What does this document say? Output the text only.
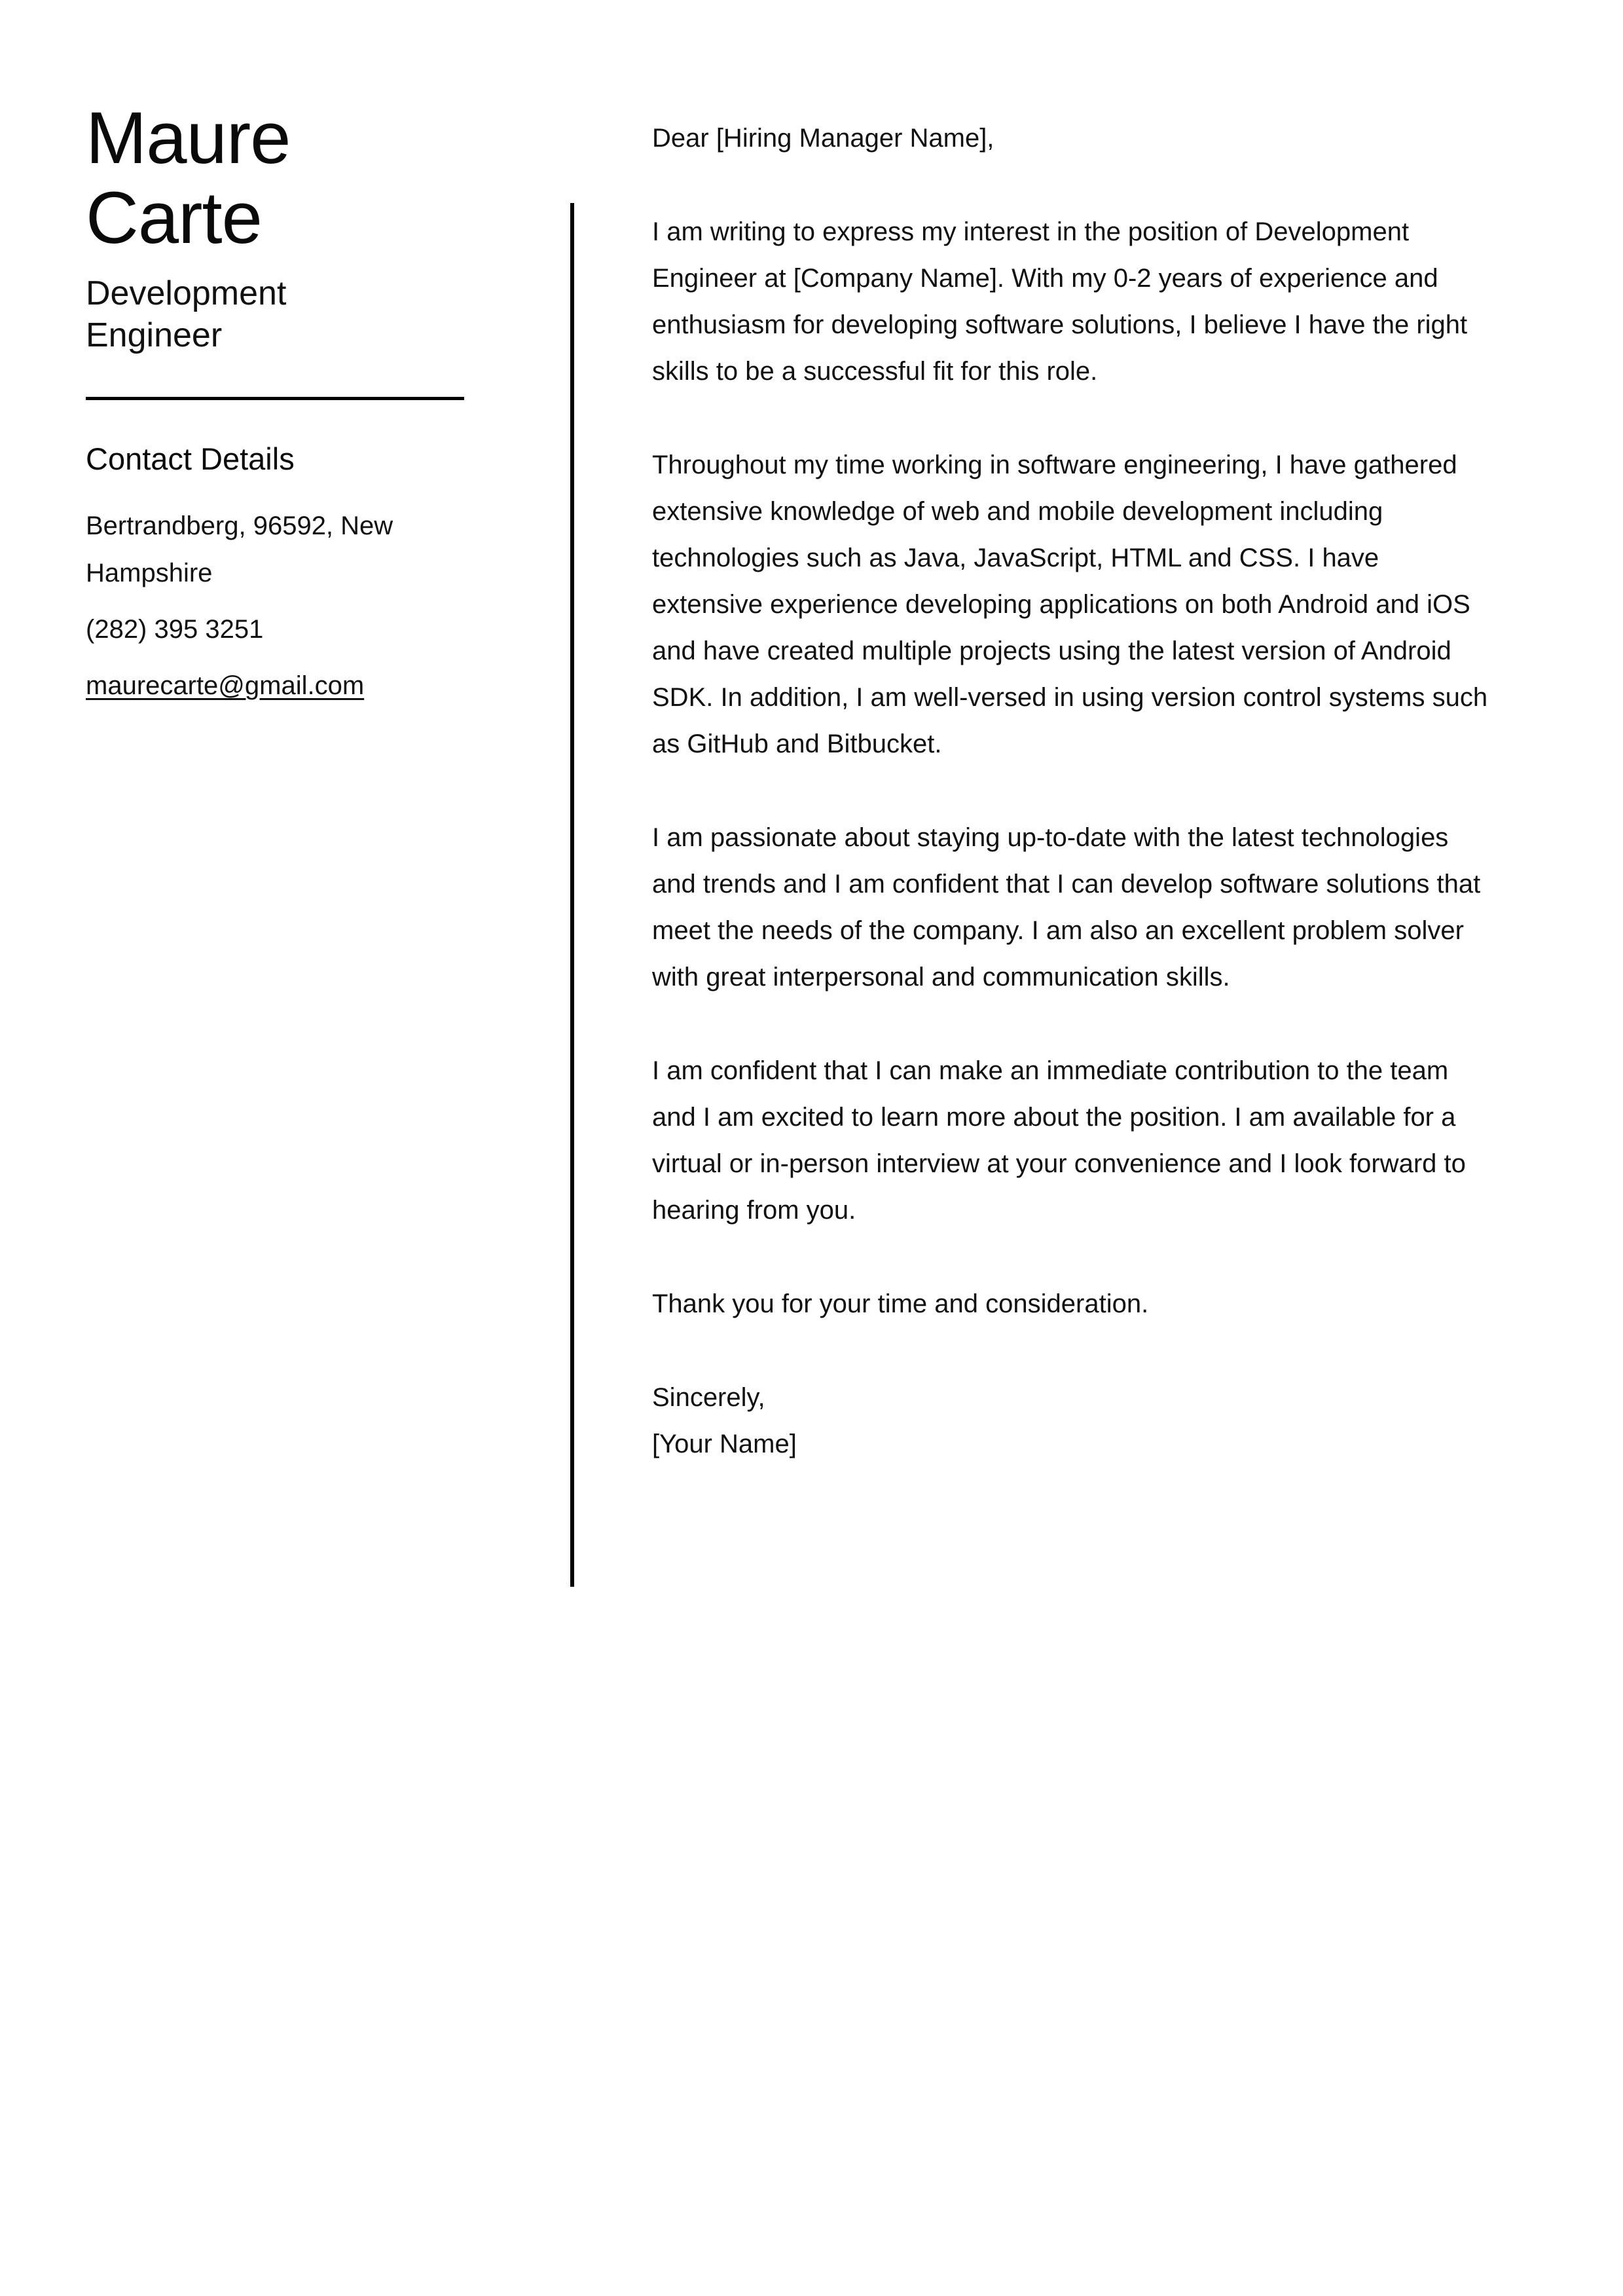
Maure
Carte
Development
Engineer
Contact Details
Bertrandberg, 96592, New Hampshire
(282) 395 3251
maurecarte@gmail.com

Dear [Hiring Manager Name],

I am writing to express my interest in the position of Development Engineer at [Company Name]. With my 0-2 years of experience and enthusiasm for developing software solutions, I believe I have the right skills to be a successful fit for this role.

Throughout my time working in software engineering, I have gathered extensive knowledge of web and mobile development including technologies such as Java, JavaScript, HTML and CSS. I have extensive experience developing applications on both Android and iOS and have created multiple projects using the latest version of Android SDK. In addition, I am well-versed in using version control systems such as GitHub and Bitbucket.

I am passionate about staying up-to-date with the latest technologies and trends and I am confident that I can develop software solutions that meet the needs of the company. I am also an excellent problem solver with great interpersonal and communication skills.

I am confident that I can make an immediate contribution to the team and I am excited to learn more about the position. I am available for a virtual or in-person interview at your convenience and I look forward to hearing from you.

Thank you for your time and consideration.

Sincerely,
[Your Name]
